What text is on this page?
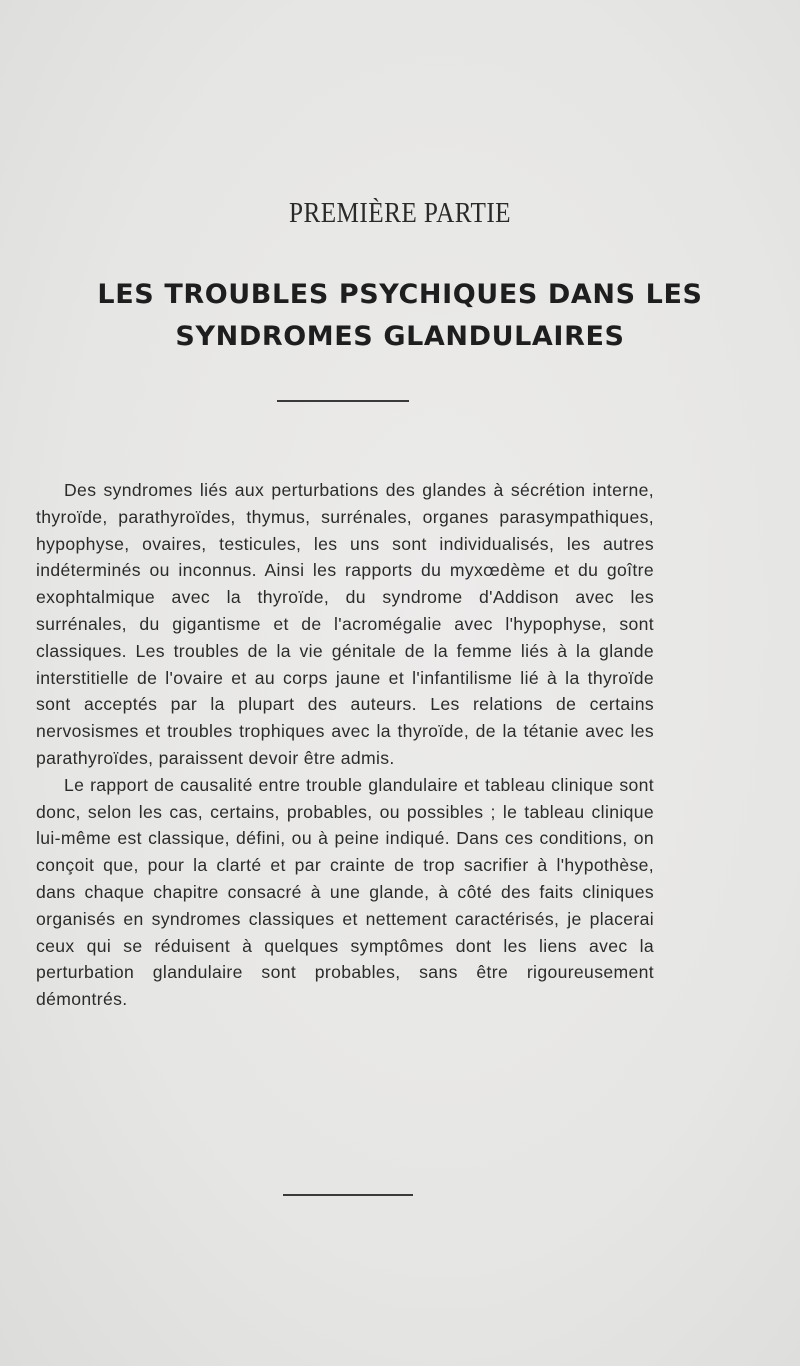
PREMIÈRE PARTIE
LES TROUBLES PSYCHIQUES DANS LES
SYNDROMES GLANDULAIRES

Des syndromes liés aux perturbations des glandes à sécrétion interne, thyroïde, parathyroïdes, thymus, surrénales, organes parasympathiques, hypophyse, ovaires, testicules, les uns sont individualisés, les autres indéterminés ou inconnus. Ainsi les rapports du myxœdème et du goître exophtalmique avec la thyroïde, du syndrome d'Addison avec les surrénales, du gigantisme et de l'acromégalie avec l'hypophyse, sont classiques. Les troubles de la vie génitale de la femme liés à la glande interstitielle de l'ovaire et au corps jaune et l'infantilisme lié à la thyroïde sont acceptés par la plupart des auteurs. Les relations de certains nervosismes et troubles trophiques avec la thyroïde, de la tétanie avec les parathyroïdes, paraissent devoir être admis.

Le rapport de causalité entre trouble glandulaire et tableau clinique sont donc, selon les cas, certains, probables, ou possibles ; le tableau clinique lui-même est classique, défini, ou à peine indiqué. Dans ces conditions, on conçoit que, pour la clarté et par crainte de trop sacrifier à l'hypothèse, dans chaque chapitre consacré à une glande, à côté des faits cliniques organisés en syndromes classiques et nettement caractérisés, je placerai ceux qui se réduisent à quelques symptômes dont les liens avec la perturbation glandulaire sont probables, sans être rigoureusement démontrés.
